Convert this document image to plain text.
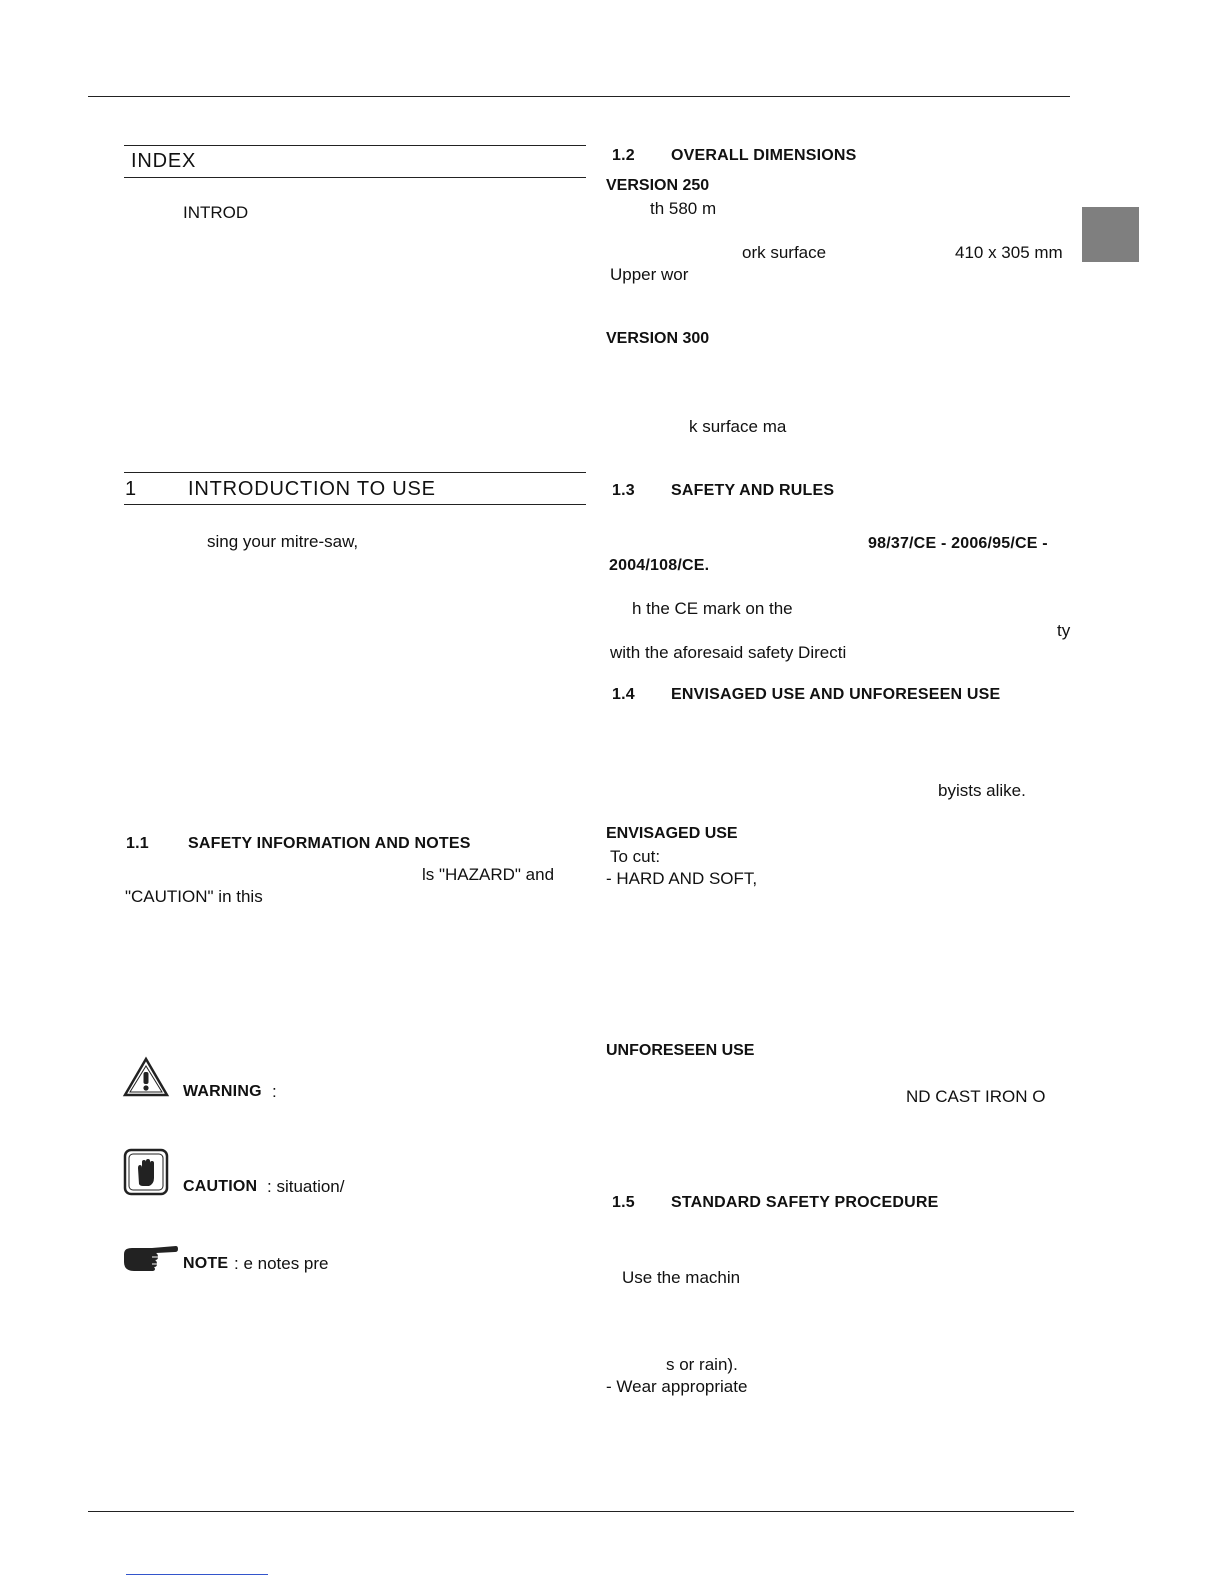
INDEX
INTROD
1	INTRODUCTION TO USE
sing your mitre-saw,
1.1 SAFETY INFORMATION AND NOTES
ls "HAZARD" and
"CAUTION" in this
WARNING :
CAUTION : situation/
NOTE : e notes pre
1.2 OVERALL DIMENSIONS
VERSION 250
th 580 m
ork surface	410 x 305 mm
Upper wor
VERSION 300
k surface ma
1.3 SAFETY AND RULES
98/37/CE - 2006/95/CE -
2004/108/CE.
h the CE mark on the
ty
with the aforesaid safety Directi
1.4 ENVISAGED USE AND UNFORESEEN USE
byists alike.
ENVISAGED USE
To cut:
- HARD AND SOFT,
UNFORESEEN USE
ND CAST IRON O
1.5 STANDARD SAFETY PROCEDURE
Use the machin
s or rain).
- Wear appropriate
